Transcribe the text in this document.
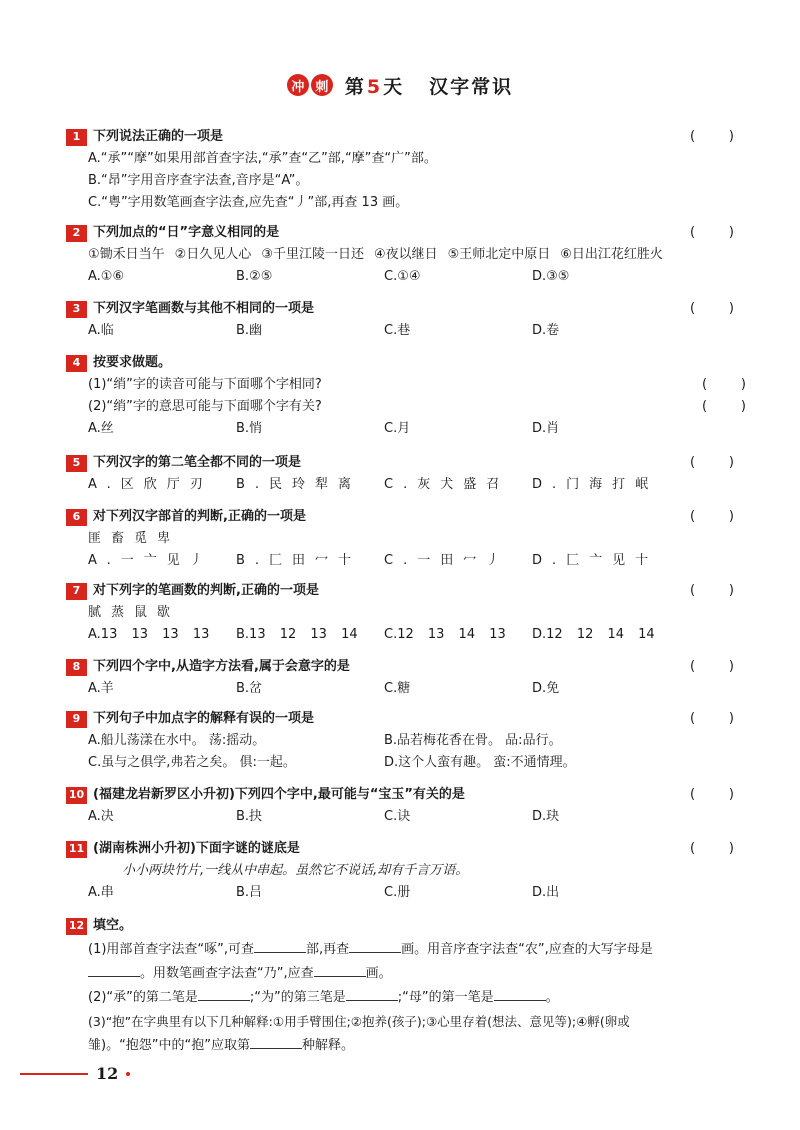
冲 刺 第 5 天 汉字常识
1 下列说法正确的一项是	(	)
A.“承”“摩”如果用部首查字法,“承”查“乙”部,“摩”查“广”部。
B.“昂”字用音序查字法查,音序是“A”。
C.“粤”字用数笔画查字法查,应先查“丿”部,再查 13 画。
2 下列加点的“日”字意义相同的是	(	)
①锄禾日当午 ②日久见人心 ③千里江陵一日还 ④夜以继日 ⑤王师北定中原日 ⑥日出江花红胜火
A.①⑥	B.②⑤	C.①④	D.③⑤
3 下列汉字笔画数与其他不相同的一项是	(	)
A.临	B.幽	C.巷	D.卷
4 按要求做题。
(1)“绡”字的读音可能与下面哪个字相同?	(	)
(2)“绡”字的意思可能与下面哪个字有关?	(	)
A.丝	B.悄	C.月	D.肖
5 下列汉字的第二笔全都不同的一项是	(	)
A.区欣厅刃	B.民玲犁离	C.灰犬盛召	D.门海打岷
6 对下列汉字部首的判断,正确的一项是	(	)
匪畜觅卑
A.一亠见丿	B.匚田冖十	C.一田冖丿	D.匚亠见十
7 对下列字的笔画数的判断,正确的一项是	(	)
腻蒸鼠歇
A.13 13 13 13	B.13 12 13 14	C.12 13 14 13	D.12 12 14 14
8 下列四个字中,从造字方法看,属于会意字的是	(	)
A.羊	B.岔	C.糖	D.免
9 下列句子中加点字的解释有误的一项是	(	)
A.船儿荡漾在水中。 荡:摇动。	B.品若梅花香在骨。 品:品行。
C.虽与之俱学,弗若之矣。 俱:一起。	D.这个人蛮有趣。 蛮:不通情理。
10 (福建龙岩新罗区小升初)下列四个字中,最可能与“宝玉”有关的是	(	)
A.决	B.抉	C.诀	D.玦
11 (湖南株洲小升初)下面字谜的谜底是	(	)
小小两块竹片,一线从中串起。虽然它不说话,却有千言万语。
A.串	B.吕	C.册	D.出
12 填空。
(1)用部首查字法查“啄”,可查	部,再查	画。用音序查字法查“农”,应查的大写字母是
。用数笔画查字法查“乃”,应查	画。
(2)“承”的第二笔是	;“为”的第三笔是	;“母”的第一笔是	。
(3)“抱”在字典里有以下几种解释:①用手臂围住;②抱养(孩子);③心里存着(想法、意见等);④孵(卵或
雏)。“抱怨”中的“抱”应取第	种解释。
12
